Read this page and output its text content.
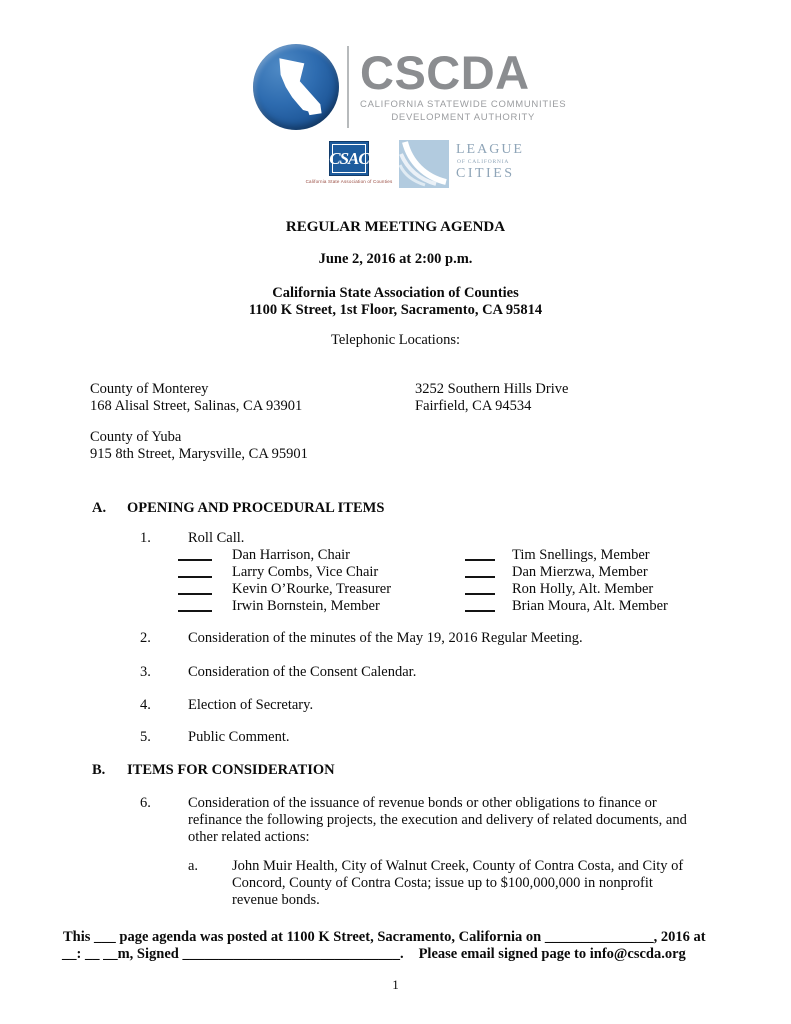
CSCDA
CALIFORNIA STATEWIDE COMMUNITIES
DEVELOPMENT AUTHORITY
CSAC
California State Association of Counties
LEAGUE
OF CALIFORNIA
CITIES
REGULAR MEETING AGENDA
June 2, 2016 at 2:00 p.m.
California State Association of Counties
1100 K Street, 1st Floor, Sacramento, CA 95814
Telephonic Locations:
County of Monterey
168 Alisal Street, Salinas, CA 93901
3252 Southern Hills Drive
Fairfield, CA 94534
County of Yuba
915 8th Street, Marysville, CA 95901
A. OPENING AND PROCEDURAL ITEMS
1.	Roll Call.
Dan Harrison, Chair	Tim Snellings, Member
Larry Combs, Vice Chair	Dan Mierzwa, Member
Kevin O’Rourke, Treasurer	Ron Holly, Alt. Member
Irwin Bornstein, Member	Brian Moura, Alt. Member
2.	Consideration of the minutes of the May 19, 2016 Regular Meeting.
3.	Consideration of the Consent Calendar.
4.	Election of Secretary.
5.	Public Comment.
B. ITEMS FOR CONSIDERATION
6.	Consideration of the issuance of revenue bonds or other obligations to finance or
refinance the following projects, the execution and delivery of related documents, and
other related actions:
a. John Muir Health, City of Walnut Creek, County of Contra Costa, and City of
Concord, County of Contra Costa; issue up to $100,000,000 in nonprofit
revenue bonds.
This ___ page agenda was posted at 1100 K Street, Sacramento, California on _______________, 2016 at
__: __ __m, Signed ______________________________. Please email signed page to info@cscda.org
1
